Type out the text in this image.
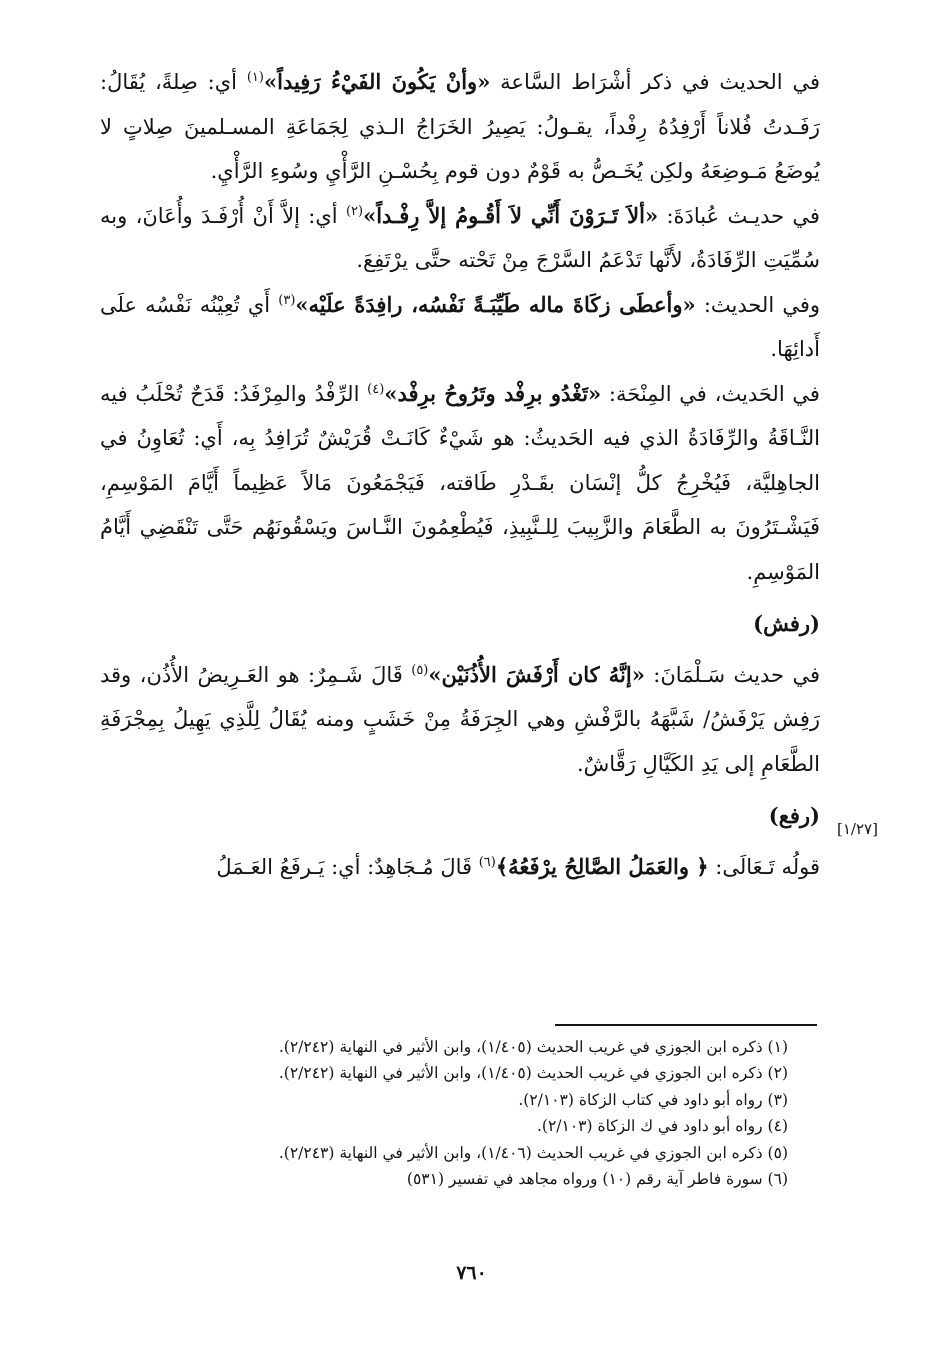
في الحديث في ذكر أشْرَاط السَّاعة «وأنْ يَكُونَ الفَيْءُ رَفِيداً»$^{(١)}$ أي: صِلةً، يُقَالُ: رَفَـدتُ فُلاناً أَرْفِدُهُ رِفْداً، يقـولُ: يَصِيرُ الخَرَاجُ الـذي لِجَمَاعَةِ المسـلمينَ صِلاتٍ لا يُوضَعُ مَـوضِعَهُ ولكِن يُخَـصُّ به قَوْمٌ دون قوم بِحُسْـنِ الرَّأْيِ وسُوءِ الرَّأْيِ.

في حديـث عُبادَةَ: «ألاَ تَـرَوْنَ أَنِّي لاَ أَقُـومُ إلاَّ رِفْـداً»$^{(٢)}$ أي: إلاَّ أَنْ أُرْفَـدَ وأُعَانَ، وبه سُمِّيَتِ الرِّفَادَةُ، لأَنَّها تَدْعَمُ السَّرْجَ مِنْ تَحْته حتَّى يرْتَفِعَ.

وفي الحديث: «وأعطَى زكَاةَ ماله طَيِّبَـةً نَفْسُه، رافِدَةً علَيْه»$^{(٣)}$ أَي تُعِيْنُه نَفْسُه علَى أَدائِهَا.

في الحَديث، في المِنْحَة: «تَغْدُو برِفْد وتَرُوحُ برِفْد»$^{(٤)}$ الرِّفْدُ والمِرْفَدُ: قَدَحٌ تُحْلَبُ فيه النَّـاقَةُ والرِّفَادَةُ الذي فيه الحَديثُ: هو شَيْءٌ كَانَـتْ قُرَيْشٌ تُرَافِدُ بِه، أَي: تُعَاوِنُ في الجاهِليَّة، فَيُخْرِجُ كلُّ إنْسَان بقَـدْرِ طَاقته، فَيَجْمَعُونَ مَالاً عَظِيماً أَيَّامَ المَوْسِمِ، فَيَشْـتَرُونَ به الطَّعَامَ والزَّبِيبَ لِلـنَّبِيذِ، فَيُطْعِمُونَ النَّـاسَ ويَسْقُونَهُم حَتَّى تَنْقَضِي أَيَّامُ المَوْسِمِ.

(رفش)

في حديث سَـلْمَانَ: «إنَّهُ كان أَرْفَشَ الأُذُنَيْن»$^{(٥)}$ قَالَ شَـمِرٌ: هو العَـرِيضُ الأُذُن، وقد رَفِش يَرْفَشُ/ شَبَّهَهُ بالرَّفْشِ وهي الجِرَفَةُ مِنْ خَشَبٍ ومنه يُقَالُ لِلَّذِي يَهِيلُ بِمِجْرَفَةِ الطَّعَامِ إلى يَدِ الكَيَّالِ رَقَّاشٌ.

(رفع)

قولُه تَـعَالَى: ﴿ والعَمَلُ الصَّالِحُ يرْفَعُهُ﴾$^{(٦)}$ قَالَ مُـجَاهِدٌ: أي: يَـرفَعُ العَـمَلُ

[١/٢٧]

(١) ذكره ابن الجوزي في غريب الحديث (١/٤٠٥)، وابن الأثير في النهاية (٢/٢٤٢).

(٢) ذكره ابن الجوزي في غريب الحديث (١/٤٠٥)، وابن الأثير في النهاية (٢/٢٤٢).

(٣) رواه أبو داود في كتاب الزكاة (٢/١٠٣).

(٤) رواه أبو داود في ك الزكاة (٢/١٠٣).

(٥) ذكره ابن الجوزي في غريب الحديث (١/٤٠٦)، وابن الأثير في النهاية (٢/٢٤٣).

(٦) سورة فاطر آية رقم (١٠) ورواه مجاهد في تفسير (٥٣١)

٧٦٠
